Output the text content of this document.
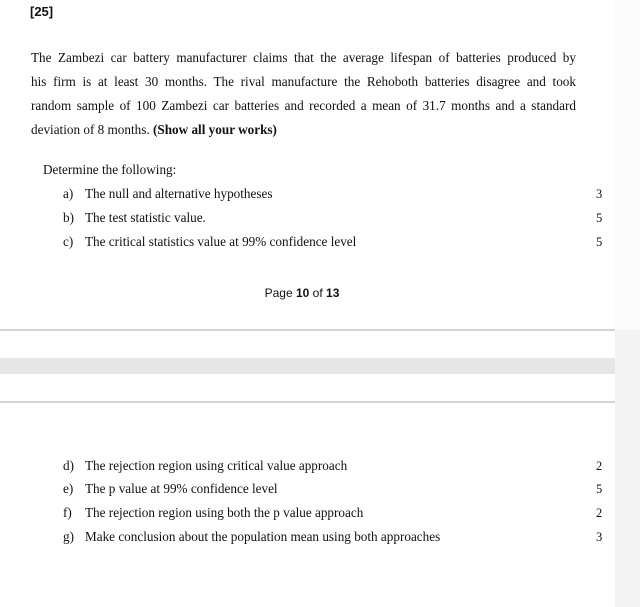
[25]
The Zambezi car battery manufacturer claims that the average lifespan of batteries produced by
his firm is at least 30 months. The rival manufacture the Rehoboth batteries disagree and took
random sample of 100 Zambezi car batteries and recorded a mean of 31.7 months and a standard
deviation of 8 months. (Show all your works)
Determine the following:
a) The null and alternative hypotheses	3
b) The test statistic value.	5
c) The critical statistics value at 99% confidence level	5
Page 10 of 13
d) The rejection region using critical value approach	2
e) The p value at 99% confidence level	5
f) The rejection region using both the p value approach	2
g) Make conclusion about the population mean using both approaches	3
